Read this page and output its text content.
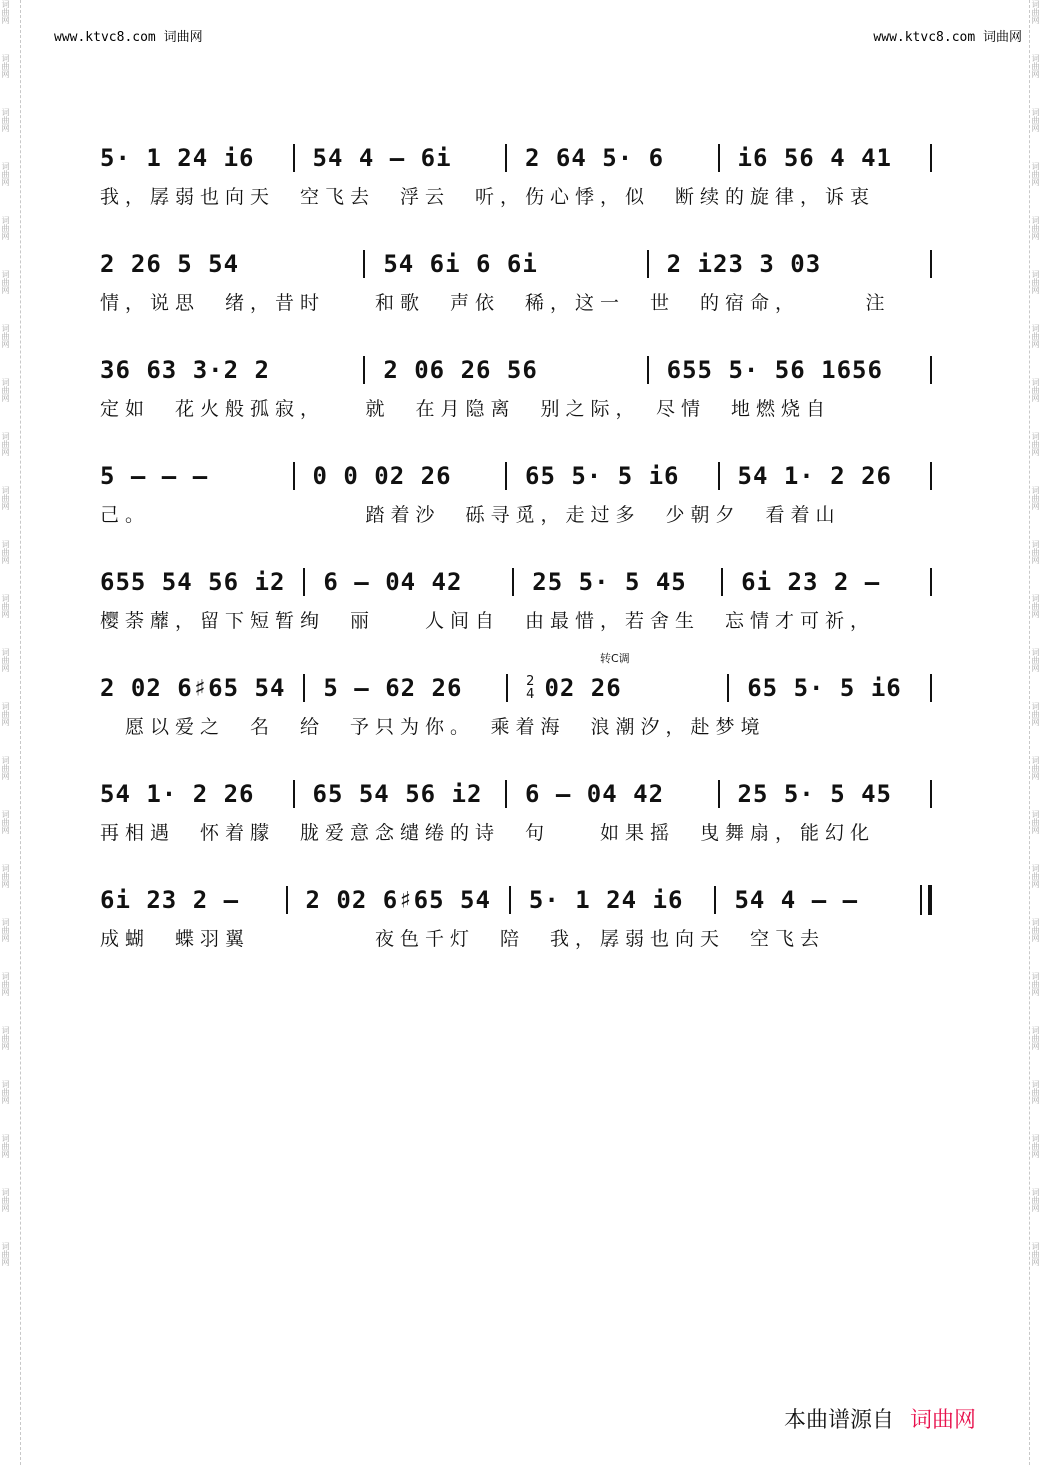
词曲网
词曲网
词曲网
词曲网
词曲网
词曲网
词曲网
词曲网
词曲网
词曲网
词曲网
词曲网
词曲网
词曲网
词曲网
词曲网
词曲网
词曲网
词曲网
词曲网
词曲网
词曲网
词曲网
词曲网
词曲网
词曲网
词曲网
词曲网
词曲网
词曲网
词曲网
词曲网
词曲网
词曲网
词曲网
词曲网
词曲网
词曲网
词曲网
词曲网
词曲网
词曲网
词曲网
词曲网
词曲网
词曲网
词曲网
词曲网
www.ktvc8.com 词曲网	www.ktvc8.com 词曲网
5· 1 24 i6	54 4 – 6i	2 64 5· 6	i6 56 4 41
我，孱弱也向天　空飞去　浮云　听，伤心悸，似　断续的旋律，诉衷
2 26 5 54	54 6i 6 6i	2 i23 3 03
情，说思　绪，昔时　　和歌　声依　稀，这一　世　的宿命，　　　注
36 63 3·2 2	2 06 26 56	655 5· 56 1656
定如　花火般孤寂，　　就　在月隐离　别之际，　尽情　地燃烧自
5 – – –	0 0 02 26	65 5· 5 i6	54 1· 2 26
己。　　　　　　　　　踏着沙　砾寻觅，走过多　少朝夕　看着山
655 54 56 i2 6 – 04 42	25 5· 5 45	6i 23 2 –
樱荼蘼，留下短暂绚　丽　　人间自　由最惜，若舍生　忘情才可祈，
2 02 6♯65 54 5 – 62 26	2
4 02 26	65 5· 5 i6
转C调
　愿以爱之　名　给　予只为你。　乘着海　浪潮汐，赴梦境
54 1· 2 26	65 54 56 i2 6 – 04 42	25 5· 5 45
再相遇　怀着朦　胧爱意念缱绻的诗　句　　如果摇　曳舞扇，能幻化
6i 23 2 –	2 02 6♯65 54 5· 1 24 i6	54 4 – –
成蝴　蝶羽翼　　　　　夜色千灯　陪　我，孱弱也向天　空飞去
本曲谱源自 词曲网
